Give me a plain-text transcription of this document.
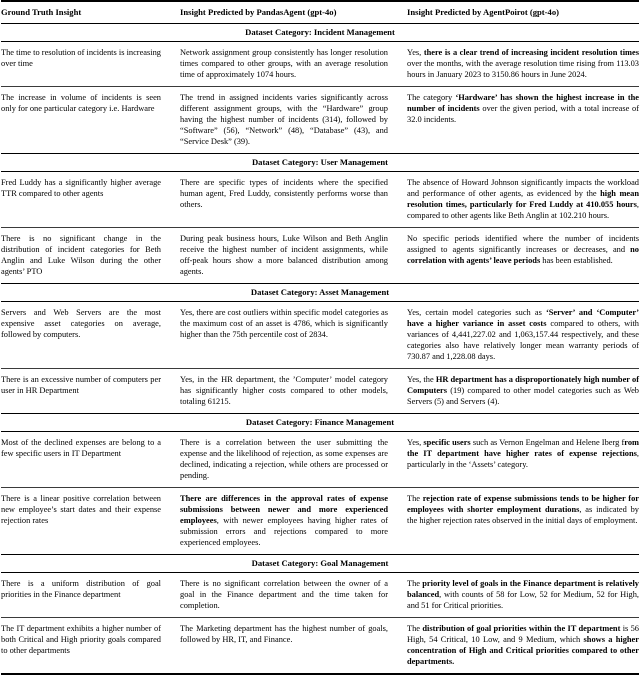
Ground Truth Insight	Insight Predicted by PandasAgent (gpt-4o)	Insight Predicted by AgentPoirot (gpt-4o)
Dataset Category: Incident Management
The time to resolution of incidents is increasing over time
Network assignment group consistently has longer resolution times compared to other groups, with an average resolution time of approximately 1074 hours.
Yes, there is a clear trend of increasing incident resolution times over the months, with the average resolution time rising from 113.03 hours in January 2023 to 3150.86 hours in June 2024.
The increase in volume of incidents is seen only for one particular category i.e. Hardware
The trend in assigned incidents varies significantly across different assignment groups, with the “Hardware” group having the highest number of incidents (314), followed by “Software” (56), “Network” (48), “Database” (43), and “Service Desk” (39).
The category ‘Hardware’ has shown the highest increase in the number of incidents over the given period, with a total increase of 32.0 incidents.
Dataset Category: User Management
Fred Luddy has a significantly higher average TTR compared to other agents
There are specific types of incidents where the specified human agent, Fred Luddy, consistently performs worse than others.
The absence of Howard Johnson significantly impacts the workload and performance of other agents, as evidenced by the high mean resolution times, particularly for Fred Luddy at 410.055 hours, compared to other agents like Beth Anglin at 102.210 hours.
There is no significant change in the distribution of incident categories for Beth Anglin and Luke Wilson during the other agents’ PTO
During peak business hours, Luke Wilson and Beth Anglin receive the highest number of incident assignments, while off-peak hours show a more balanced distribution among agents.
No specific periods identified where the number of incidents assigned to agents significantly increases or decreases, and no correlation with agents’ leave periods has been established.
Dataset Category: Asset Management
Servers and Web Servers are the most expensive asset categories on average, followed by computers.
Yes, there are cost outliers within specific model categories as the maximum cost of an asset is 4786, which is significantly higher than the 75th percentile cost of 2834.
Yes, certain model categories such as ‘Server’ and ‘Computer’ have a higher variance in asset costs compared to others, with variances of 4,441,227.02 and 1,063,157.44 respectively, and these categories also have relatively longer mean warranty periods of 730.87 and 1,228.08 days.
There is an excessive number of computers per user in HR Department
Yes, in the HR department, the ’Computer’ model category has significantly higher costs compared to other models, totaling 61215.
Yes, the HR department has a disproportionately high number of Computers (19) compared to other model categories such as Web Servers (5) and Servers (4).
Dataset Category: Finance Management
Most of the declined expenses are belong to a few specific users in IT Department
There is a correlation between the user submitting the expense and the likelihood of rejection, as some expenses are declined, indicating a rejection, while others are processed or pending.
Yes, specific users such as Vernon Engelman and Helene Iberg from the IT department have higher rates of expense rejections, particularly in the ‘Assets’ category.
There is a linear positive correlation between new employee’s start dates and their expense rejection rates
There are differences in the approval rates of expense submissions between newer and more experienced employees, with newer employees having higher rates of submission errors and rejections compared to more experienced employees.
The rejection rate of expense submissions tends to be higher for employees with shorter employment durations, as indicated by the higher rejection rates observed in the initial days of employment.
Dataset Category: Goal Management
There is a uniform distribution of goal priorities in the Finance department
There is no significant correlation between the owner of a goal in the Finance department and the time taken for completion.
The priority level of goals in the Finance department is relatively balanced, with counts of 58 for Low, 52 for Medium, 52 for High, and 51 for Critical priorities.
The IT department exhibits a higher number of both Critical and High priority goals compared to other departments
The Marketing department has the highest number of goals, followed by HR, IT, and Finance.
The distribution of goal priorities within the IT department is 56 High, 54 Critical, 10 Low, and 9 Medium, which shows a higher concentration of High and Critical priorities compared to other departments.
